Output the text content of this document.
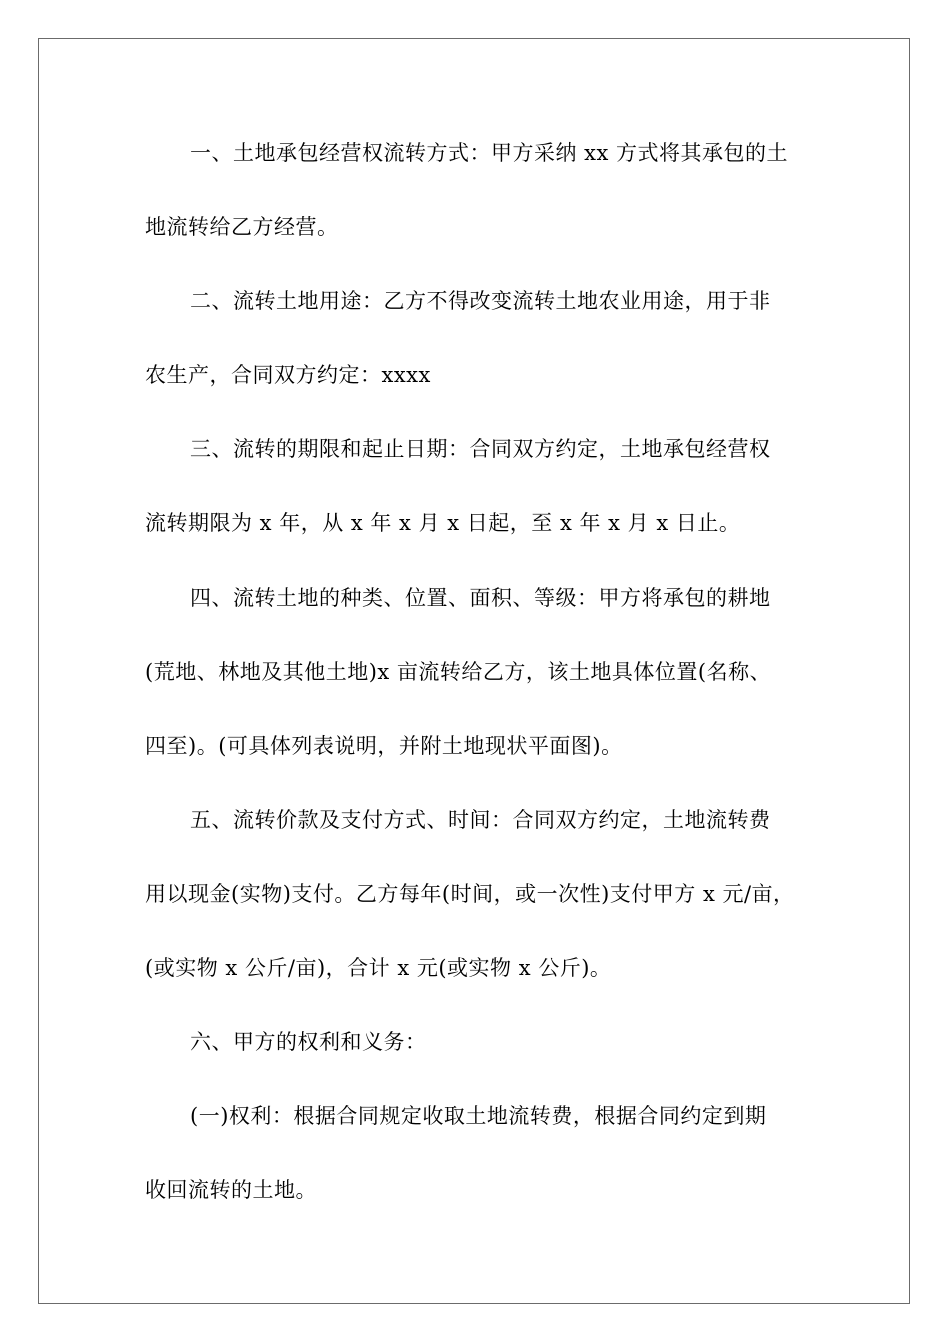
一、土地承包经营权流转方式：甲方采纳 xx 方式将其承包的土
地流转给乙方经营。
二、流转土地用途：乙方不得改变流转土地农业用途，用于非
农生产，合同双方约定：xxxx
三、流转的期限和起止日期：合同双方约定，土地承包经营权
流转期限为 x 年，从 x 年 x 月 x 日起，至 x 年 x 月 x 日止。
四、流转土地的种类、位置、面积、等级：甲方将承包的耕地
(荒地、林地及其他土地)x 亩流转给乙方，该土地具体位置(名称、
四至)。(可具体列表说明，并附土地现状平面图)。
五、流转价款及支付方式、时间：合同双方约定，土地流转费
用以现金(实物)支付。乙方每年(时间，或一次性)支付甲方 x 元/亩，
(或实物 x 公斤/亩)，合计 x 元(或实物 x 公斤)。
六、甲方的权利和义务：
(一)权利：根据合同规定收取土地流转费，根据合同约定到期
收回流转的土地。
